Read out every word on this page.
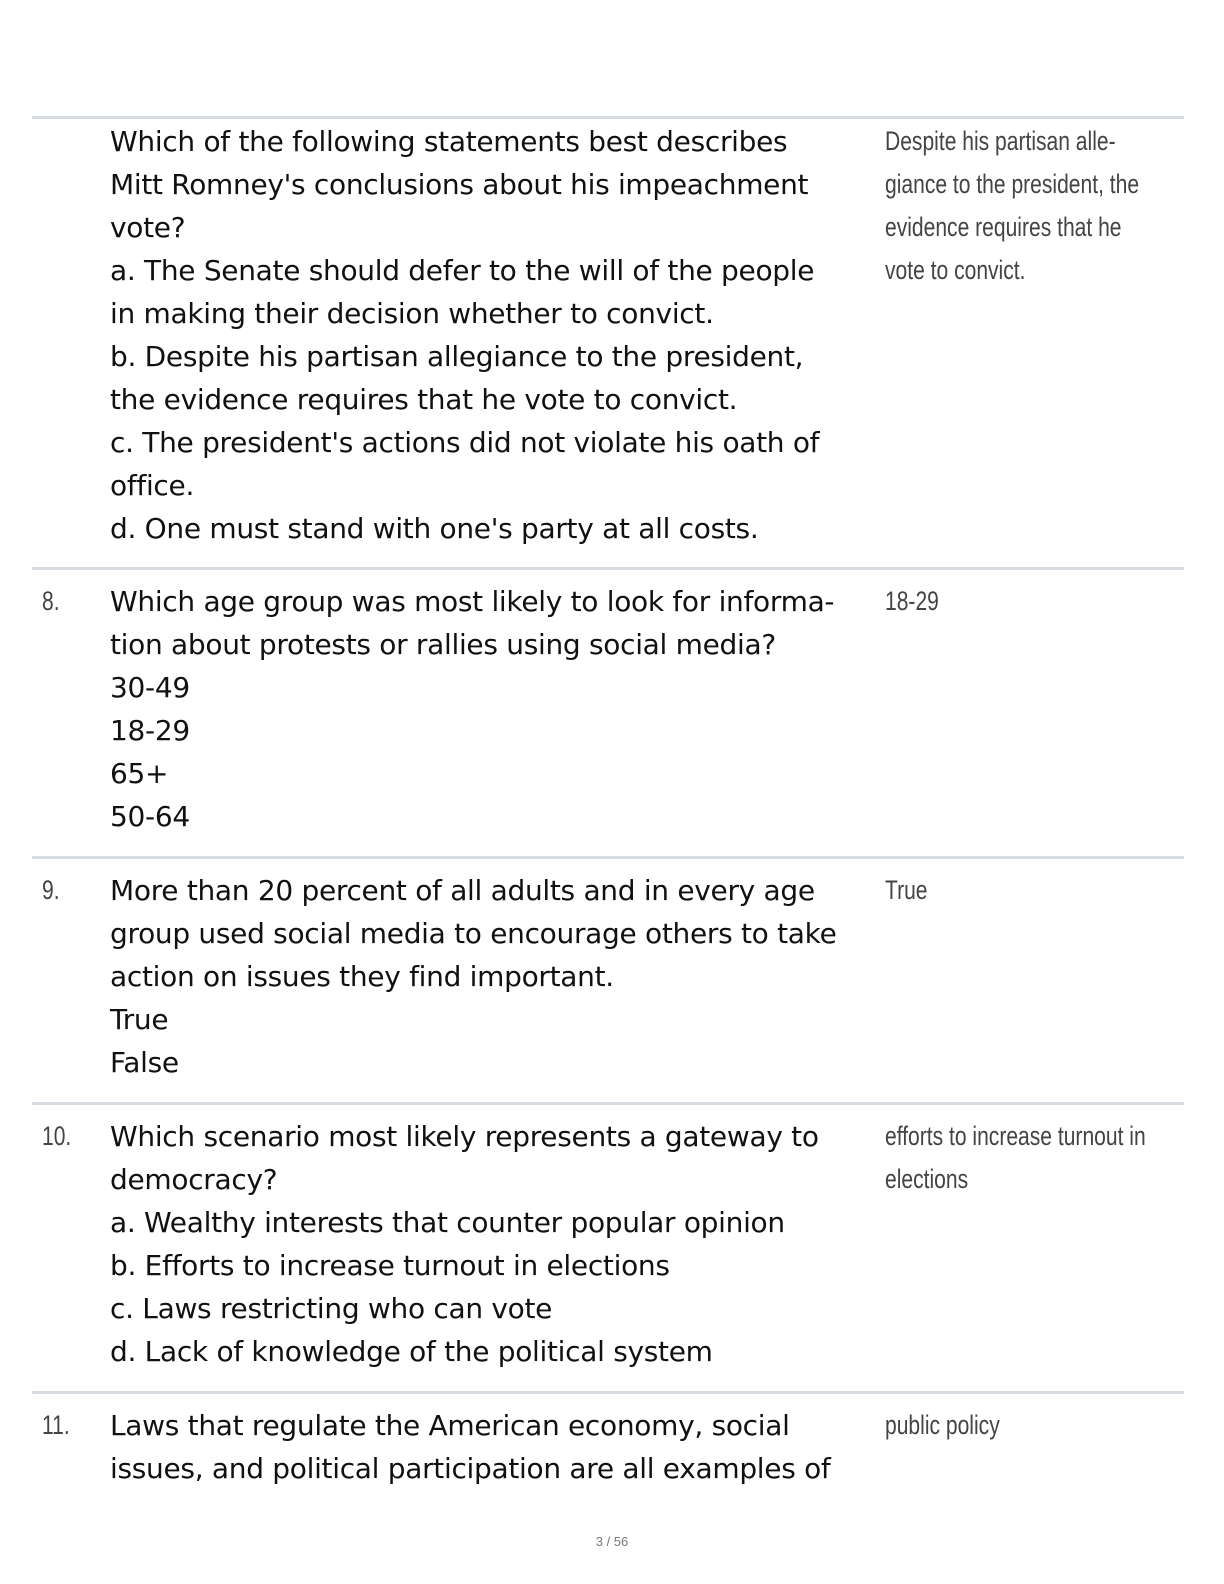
Which of the following statements best describes
Mitt Romney's conclusions about his impeachment
vote?
a. The Senate should defer to the will of the people
in making their decision whether to convict.
b. Despite his partisan allegiance to the president,
the evidence requires that he vote to convict.
c. The president's actions did not violate his oath of
office.
d. One must stand with one's party at all costs.
Despite his partisan alle-
giance to the president, the
evidence requires that he
vote to convict.
8. Which age group was most likely to look for informa-
tion about protests or rallies using social media?
30-49
18-29
65+
50-64
18-29
9. More than 20 percent of all adults and in every age
group used social media to encourage others to take
action on issues they find important.
True
False
True
10. Which scenario most likely represents a gateway to
democracy?
a. Wealthy interests that counter popular opinion
b. Efforts to increase turnout in elections
c. Laws restricting who can vote
d. Lack of knowledge of the political system
efforts to increase turnout in
elections
11. Laws that regulate the American economy, social
issues, and political participation are all examples of
public policy
3 / 56
